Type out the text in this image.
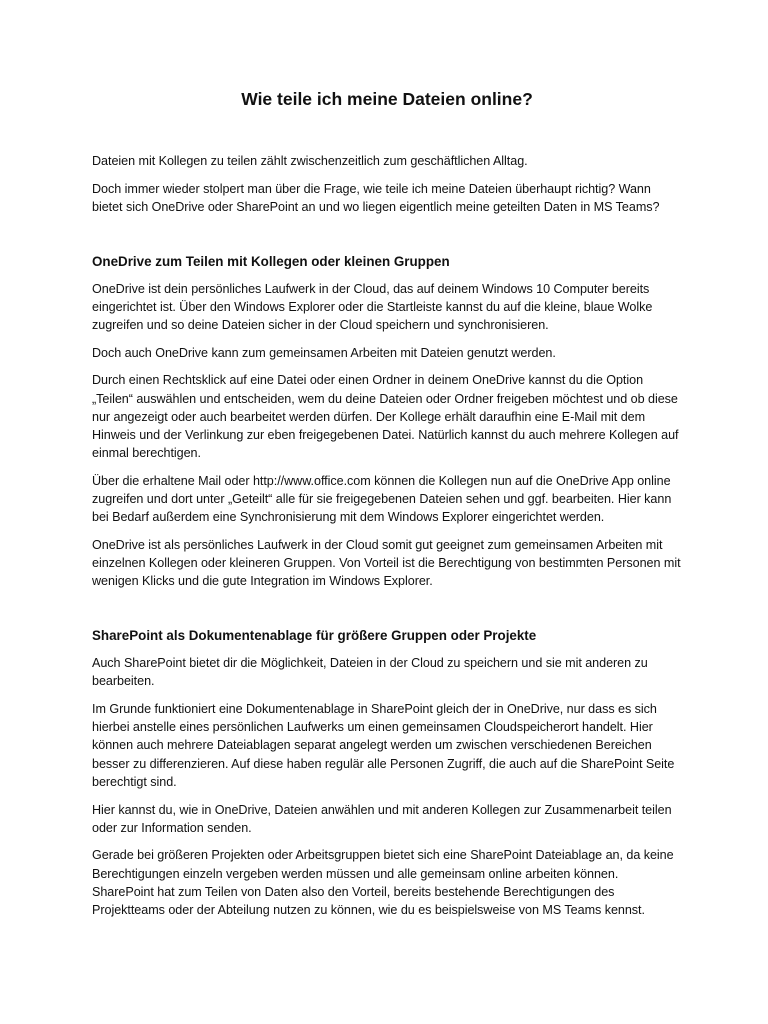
Wie teile ich meine Dateien online?

Dateien mit Kollegen zu teilen zählt zwischenzeitlich zum geschäftlichen Alltag.

Doch immer wieder stolpert man über die Frage, wie teile ich meine Dateien überhaupt richtig? Wann bietet sich OneDrive oder SharePoint an und wo liegen eigentlich meine geteilten Daten in MS Teams?

OneDrive zum Teilen mit Kollegen oder kleinen Gruppen

OneDrive ist dein persönliches Laufwerk in der Cloud, das auf deinem Windows 10 Computer bereits eingerichtet ist. Über den Windows Explorer oder die Startleiste kannst du auf die kleine, blaue Wolke zugreifen und so deine Dateien sicher in der Cloud speichern und synchronisieren.

Doch auch OneDrive kann zum gemeinsamen Arbeiten mit Dateien genutzt werden.

Durch einen Rechtsklick auf eine Datei oder einen Ordner in deinem OneDrive kannst du die Option „Teilen“ auswählen und entscheiden, wem du deine Dateien oder Ordner freigeben möchtest und ob diese nur angezeigt oder auch bearbeitet werden dürfen. Der Kollege erhält daraufhin eine E-Mail mit dem Hinweis und der Verlinkung zur eben freigegebenen Datei. Natürlich kannst du auch mehrere Kollegen auf einmal berechtigen.

Über die erhaltene Mail oder http://www.office.com können die Kollegen nun auf die OneDrive App online zugreifen und dort unter „Geteilt“ alle für sie freigegebenen Dateien sehen und ggf. bearbeiten. Hier kann bei Bedarf außerdem eine Synchronisierung mit dem Windows Explorer eingerichtet werden.

OneDrive ist als persönliches Laufwerk in der Cloud somit gut geeignet zum gemeinsamen Arbeiten mit einzelnen Kollegen oder kleineren Gruppen. Von Vorteil ist die Berechtigung von bestimmten Personen mit wenigen Klicks und die gute Integration im Windows Explorer.

SharePoint als Dokumentenablage für größere Gruppen oder Projekte

Auch SharePoint bietet dir die Möglichkeit, Dateien in der Cloud zu speichern und sie mit anderen zu bearbeiten.

Im Grunde funktioniert eine Dokumentenablage in SharePoint gleich der in OneDrive, nur dass es sich hierbei anstelle eines persönlichen Laufwerks um einen gemeinsamen Cloudspeicherort handelt. Hier können auch mehrere Dateiablagen separat angelegt werden um zwischen verschiedenen Bereichen besser zu differenzieren. Auf diese haben regulär alle Personen Zugriff, die auch auf die SharePoint Seite berechtigt sind.

Hier kannst du, wie in OneDrive, Dateien anwählen und mit anderen Kollegen zur Zusammenarbeit teilen oder zur Information senden.

Gerade bei größeren Projekten oder Arbeitsgruppen bietet sich eine SharePoint Dateiablage an, da keine Berechtigungen einzeln vergeben werden müssen und alle gemeinsam online arbeiten können. SharePoint hat zum Teilen von Daten also den Vorteil, bereits bestehende Berechtigungen des Projektteams oder der Abteilung nutzen zu können, wie du es beispielsweise von MS Teams kennst.
